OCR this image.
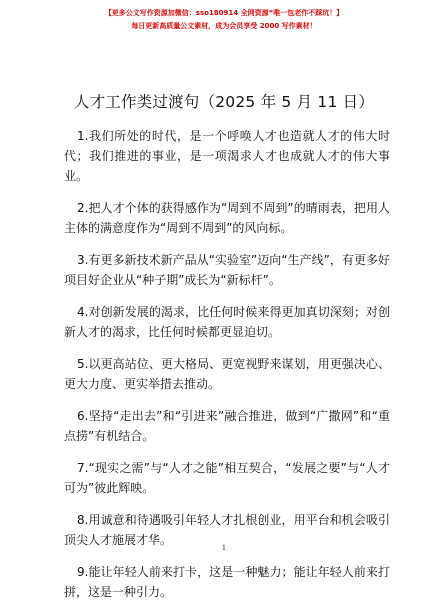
【更多公文写作资源加微信：sso180914 全网资源“唯一包老作不踩坑！】
每日更新高质量公文素材，成为会员享受 2000 写作素材！
人才工作类过渡句（2025 年 5 月 11 日）

1.我们所处的时代，是一个呼唤人才也造就人才的伟大时代；我们推进的事业，是一项渴求人才也成就人才的伟大事业。

2.把人才个体的获得感作为“周到不周到”的晴雨表，把用人主体的满意度作为“周到不周到”的风向标。

3.有更多新技术新产品从“实验室”迈向“生产线”，有更多好项目好企业从“种子期”成长为“新标杆”。

4.对创新发展的渴求，比任何时候来得更加真切深刻；对创新人才的渴求，比任何时候都更显迫切。

5.以更高站位、更大格局、更宽视野来谋划，用更强决心、更大力度、更实举措去推动。

6.坚持“走出去”和“引进来”融合推进，做到“广撒网”和“重点捞”有机结合。

7.“现实之需”与“人才之能”相互契合，“发展之要”与“人才可为”彼此辉映。

8.用诚意和待遇吸引年轻人才扎根创业，用平台和机会吸引顶尖人才施展才华。

9.能让年轻人前来打卡，这是一种魅力；能让年轻人前来打拼，这是一种引力。

1
